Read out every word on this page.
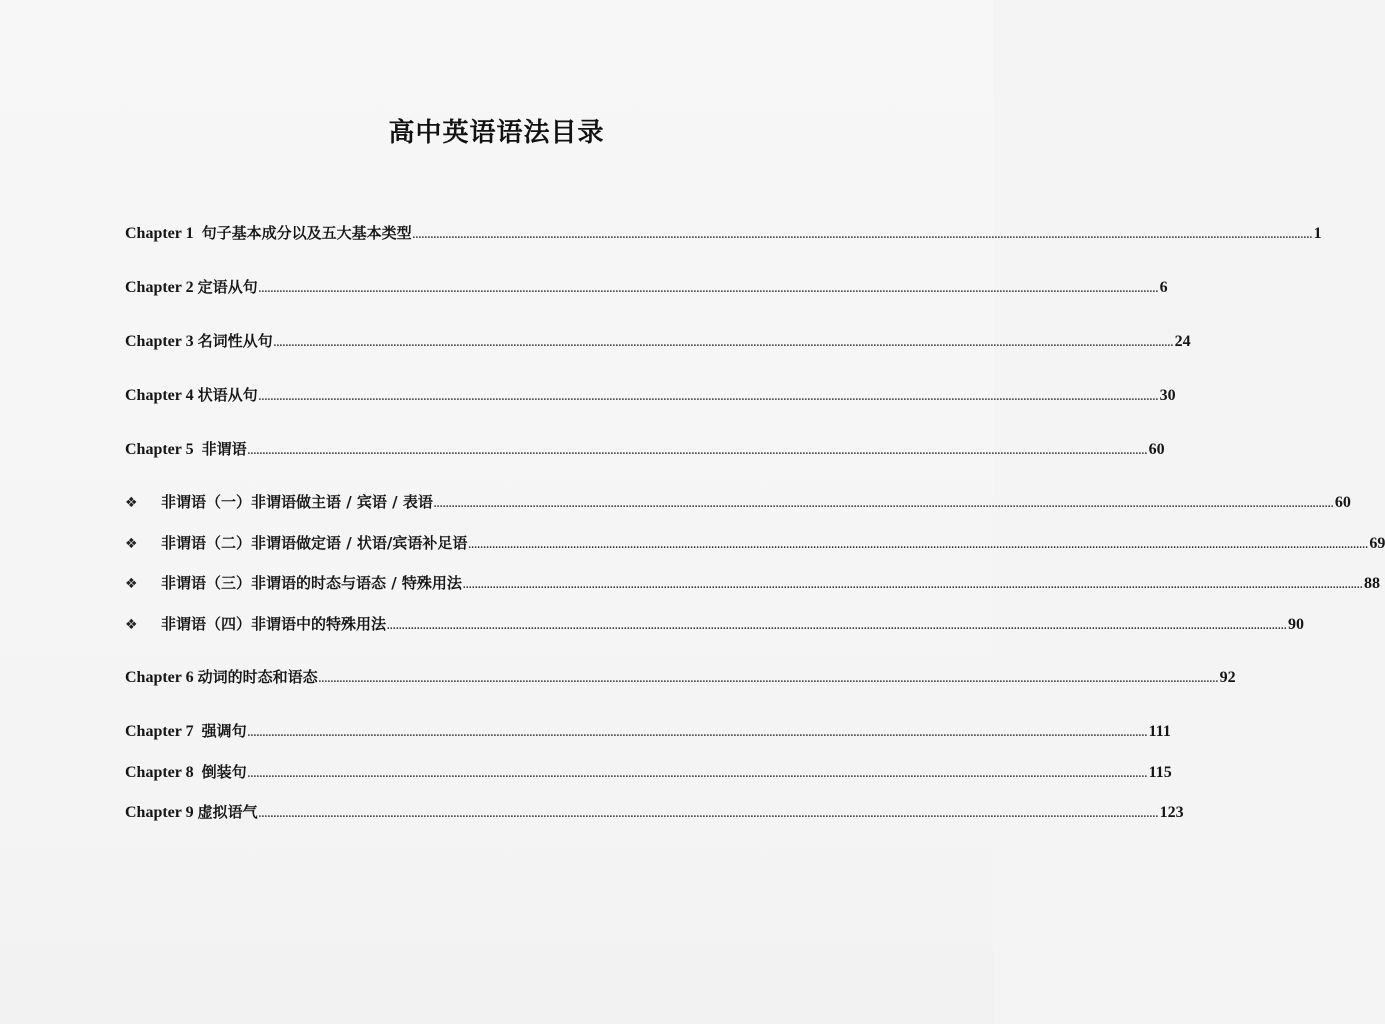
高中英语语法目录
Chapter 1 句子基本成分以及五大基本类型 ............................................................................................................................................................................................................................................................................................................ 1
Chapter 2 定语从句 ............................................................................................................................................................................................................................................................................................................ 6
Chapter 3 名词性从句 ............................................................................................................................................................................................................................................................................................................ 24
Chapter 4 状语从句 ............................................................................................................................................................................................................................................................................................................ 30
Chapter 5 非谓语 ............................................................................................................................................................................................................................................................................................................ 60
❖ 非谓语（一）非谓语做主语 / 宾语 / 表语 ............................................................................................................................................................................................................................................................................................................ 60
❖ 非谓语（二）非谓语做定语 / 状语/宾语补足语 ............................................................................................................................................................................................................................................................................................................ 69
❖ 非谓语（三）非谓语的时态与语态 / 特殊用法 ............................................................................................................................................................................................................................................................................................................ 88
❖ 非谓语（四）非谓语中的特殊用法 ............................................................................................................................................................................................................................................................................................................ 90
Chapter 6 动词的时态和语态 ............................................................................................................................................................................................................................................................................................................ 92
Chapter 7 强调句 ............................................................................................................................................................................................................................................................................................................ 111
Chapter 8 倒装句 ............................................................................................................................................................................................................................................................................................................ 115
Chapter 9 虚拟语气 ............................................................................................................................................................................................................................................................................................................ 123
